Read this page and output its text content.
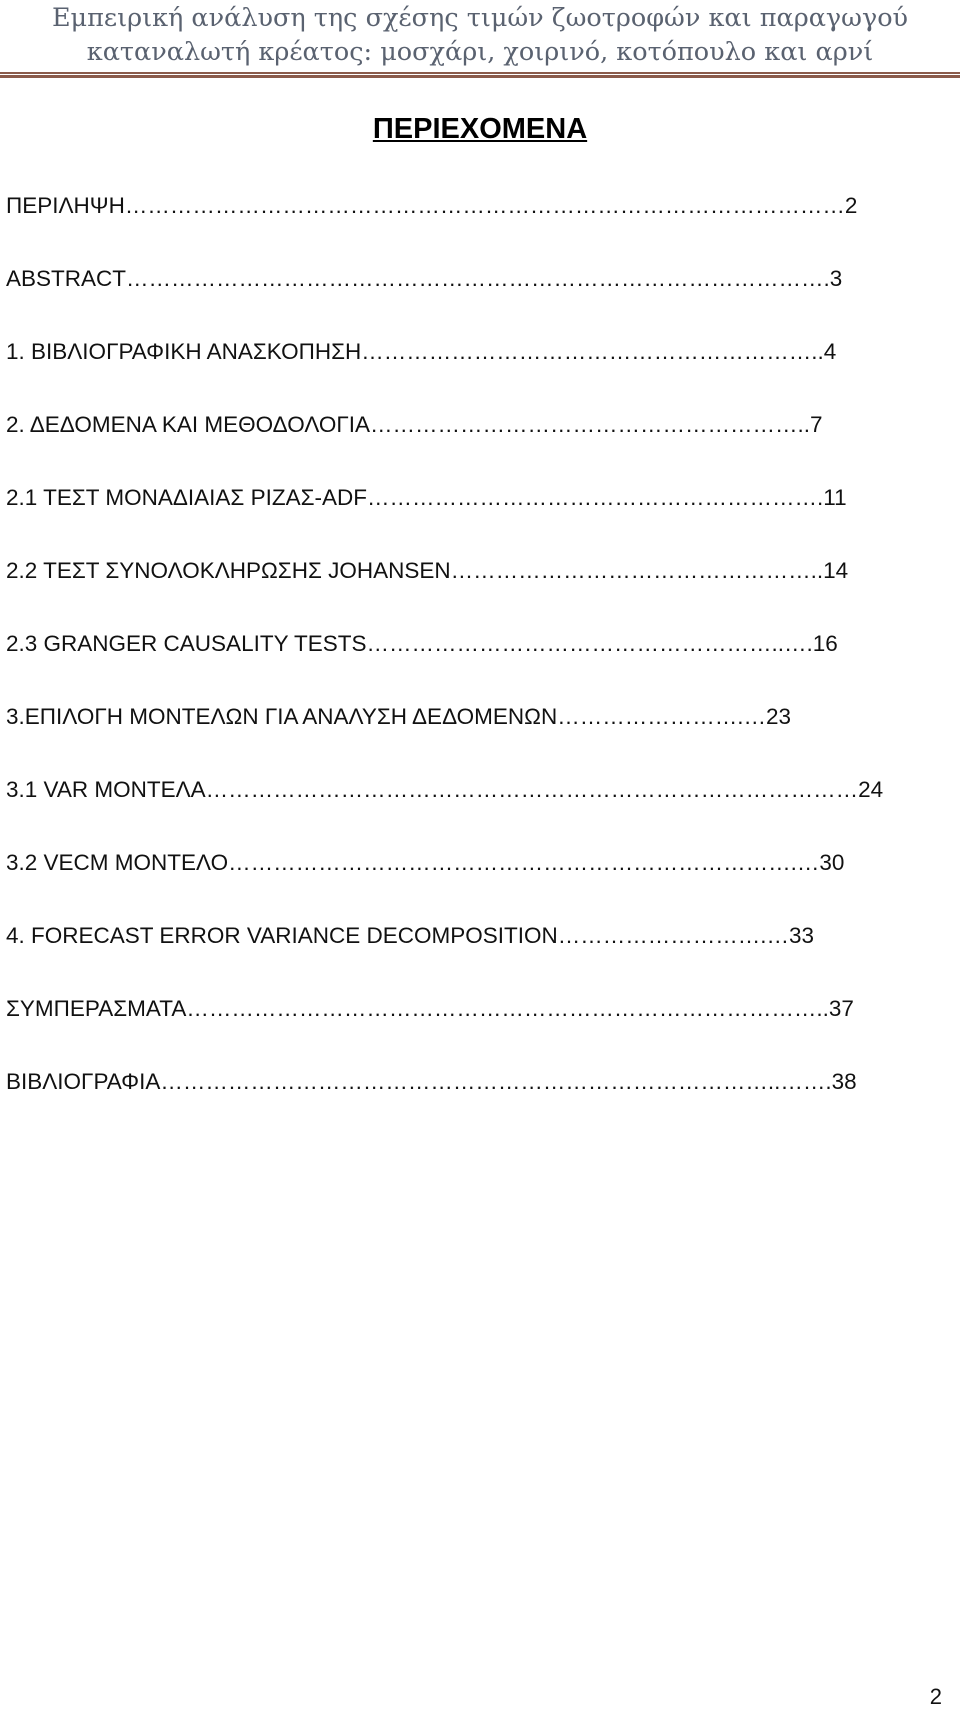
Εμπειρική ανάλυση της σχέσης τιμών ζωοτροφών και παραγωγού
καταναλωτή κρέατος: μοσχάρι, χοιρινό, κοτόπουλο και αρνί
ΠΕΡΙΕΧΟΜΕΝΑ
ΠΕΡΙΛΗΨΗ……………………………………………………………………………………2
ABSTRACT………………………………………………………………………………….3
1. ΒΙΒΛΙΟΓΡΑΦΙΚΗ ΑΝΑΣΚΟΠΗΣΗ……………………………………………………..4
2. ΔΕΔΟΜΕΝΑ ΚΑΙ ΜΕΘΟΔΟΛΟΓΙΑ…………………………………………………..7
2.1 ΤΕΣΤ ΜΟΝΑΔΙΑΙΑΣ ΡΙΖΑΣ-ADF…………………………………………………….11
2.2 ΤΕΣΤ ΣΥΝΟΛΟΚΛΗΡΩΣΗΣ JOHANSEN…………………………………………..14
2.3 GRANGER CAUSALITY TESTS………………………………………………..….16
3.ΕΠΙΛΟΓΗ ΜΟΝΤΕΛΩΝ ΓΙΑ ΑΝΑΛΥΣΗ ΔΕΔΟΜΕΝΩΝ…………………….…23
3.1 VAR ΜΟΝΤΕΛΑ……………………………………………………………………………24
3.2 VECM ΜΟΝΤΕΛΟ………………………………………………………………….…30
4. FORECAST ERROR VARIANCE DECOMPOSITION……………………….…33
ΣΥΜΠΕΡΑΣΜΑΤΑ…………………………………………………………………………..37
ΒΙΒΛΙΟΓΡΑΦΙΑ………………………………………………………………………..…….38
2
